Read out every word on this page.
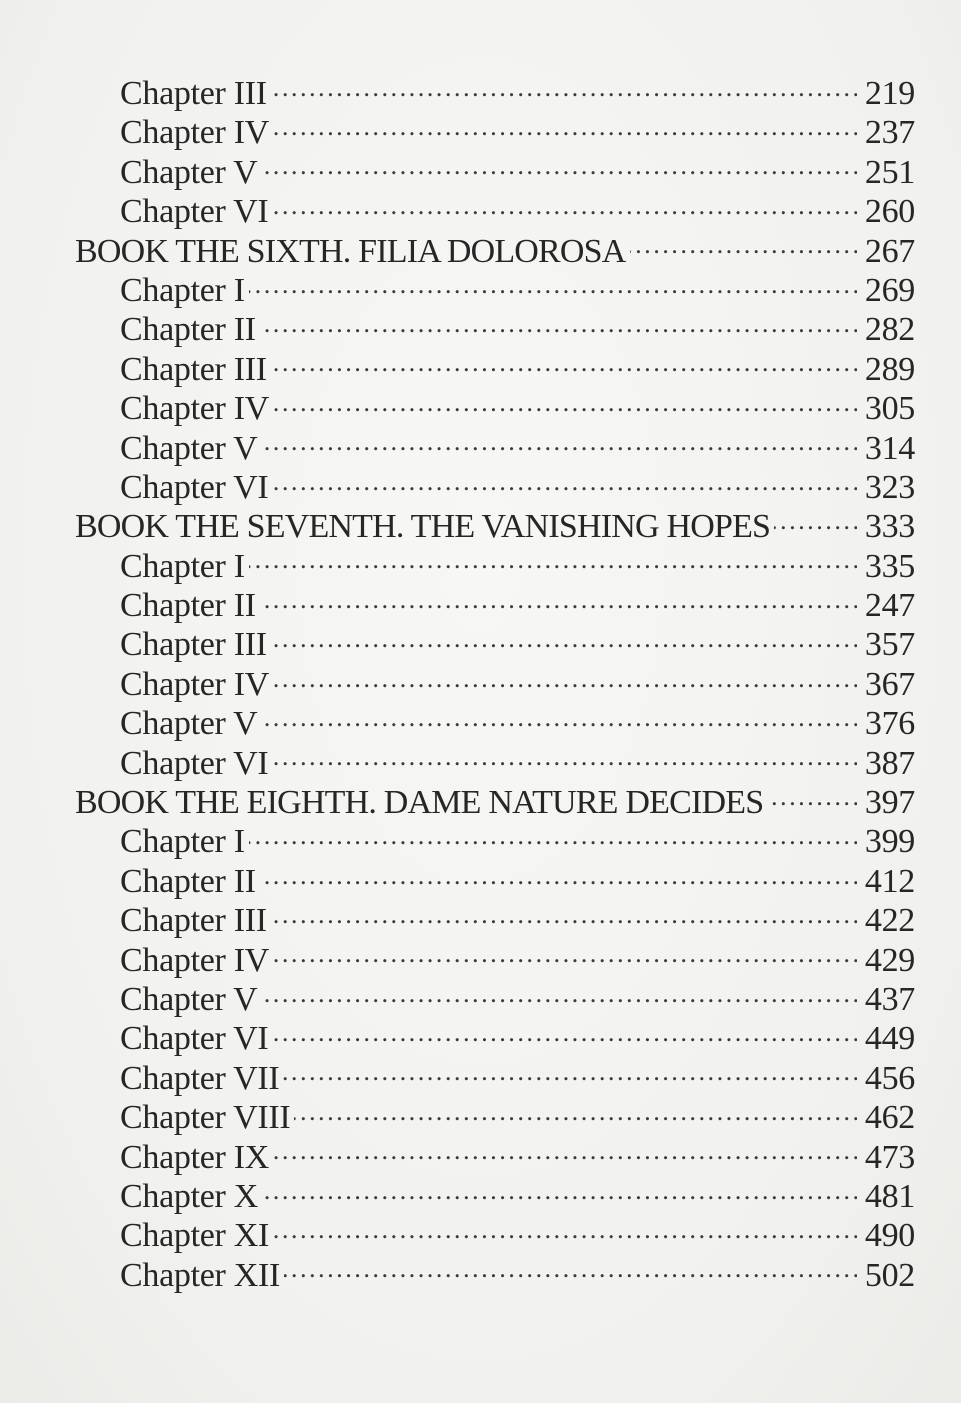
Chapter III . . .	219
Chapter IV . . .	237
Chapter V . . .	251
Chapter VI . . .	260
BOOK THE SIXTH. FILIA DOLOROSA . . .	267
Chapter I . . .	269
Chapter II . . .	282
Chapter III . . .	289
Chapter IV . . .	305
Chapter V . . .	314
Chapter VI . . .	323
BOOK THE SEVENTH. THE VANISHING HOPES . . .	333
Chapter I . . .	335
Chapter II . . .	247
Chapter III . . .	357
Chapter IV . . .	367
Chapter V . . .	376
Chapter VI . . .	387
BOOK THE EIGHTH. DAME NATURE DECIDES . . .	397
Chapter I . . .	399
Chapter II . . .	412
Chapter III . . .	422
Chapter IV . . .	429
Chapter V . . .	437
Chapter VI . . .	449
Chapter VII . . .	456
Chapter VIII . . .	462
Chapter IX . . .	473
Chapter X . . .	481
Chapter XI . . .	490
Chapter XII . . .	502
